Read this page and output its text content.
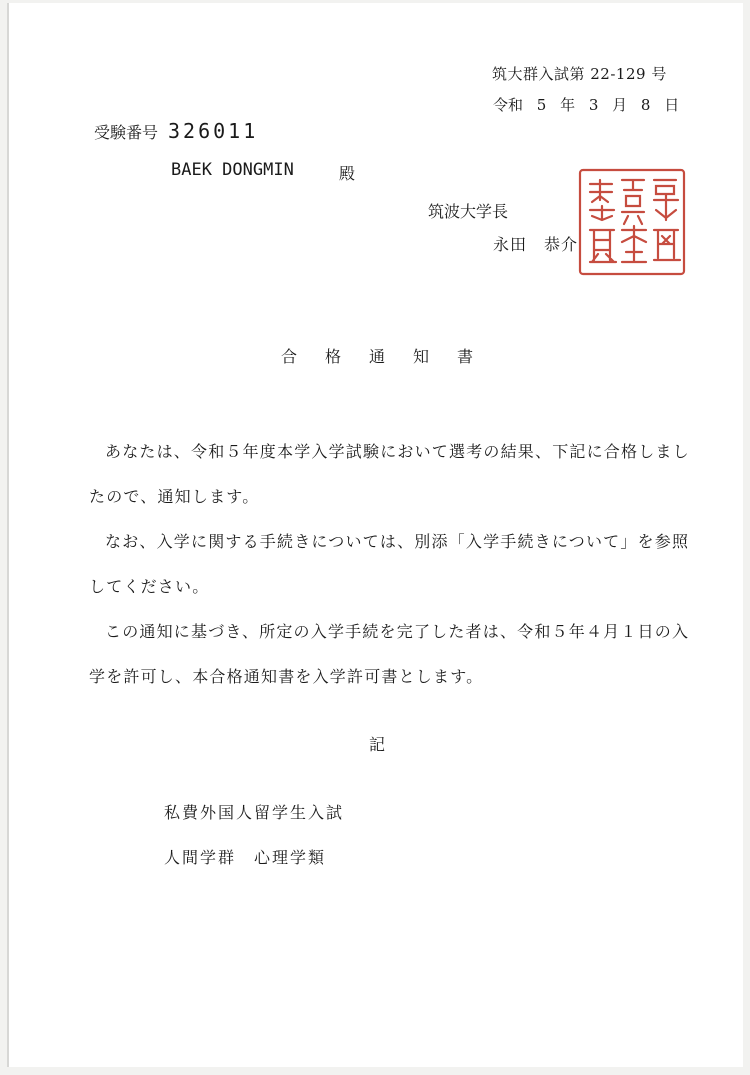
筑大群入試第 22-129 号
令和 5 年 3 月 8 日
受験番号 326011
BAEK DONGMIN	殿
筑波大学長
永田　恭介
合格通知書

あなたは、令和５年度本学入学試験において選考の結果、下記に合格しましたので、通知します。

なお、入学に関する手続きについては、別添「入学手続きについて」を参照してください。

この通知に基づき、所定の入学手続を完了した者は、令和５年４月１日の入学を許可し、本合格通知書を入学許可書とします。

記
私費外国人留学生入試
人間学群　心理学類
